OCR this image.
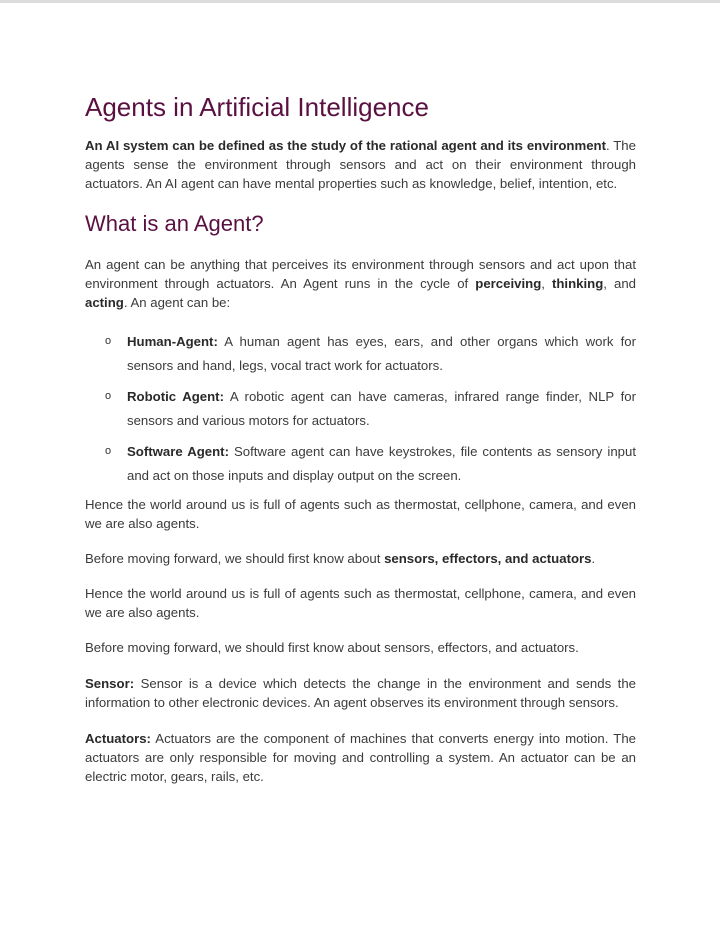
Agents in Artificial Intelligence

An AI system can be defined as the study of the rational agent and its environment. The agents sense the environment through sensors and act on their environment through actuators. An AI agent can have mental properties such as knowledge, belief, intention, etc.

What is an Agent?

An agent can be anything that perceives its environment through sensors and act upon that environment through actuators. An Agent runs in the cycle of perceiving, thinking, and acting. An agent can be:

o Human-Agent: A human agent has eyes, ears, and other organs which work for sensors and hand, legs, vocal tract work for actuators.
o Robotic Agent: A robotic agent can have cameras, infrared range finder, NLP for sensors and various motors for actuators.
o Software Agent: Software agent can have keystrokes, file contents as sensory input and act on those inputs and display output on the screen.

Hence the world around us is full of agents such as thermostat, cellphone, camera, and even we are also agents.

Before moving forward, we should first know about sensors, effectors, and actuators.

Hence the world around us is full of agents such as thermostat, cellphone, camera, and even we are also agents.

Before moving forward, we should first know about sensors, effectors, and actuators.

Sensor: Sensor is a device which detects the change in the environment and sends the information to other electronic devices. An agent observes its environment through sensors.

Actuators: Actuators are the component of machines that converts energy into motion. The actuators are only responsible for moving and controlling a system. An actuator can be an electric motor, gears, rails, etc.
